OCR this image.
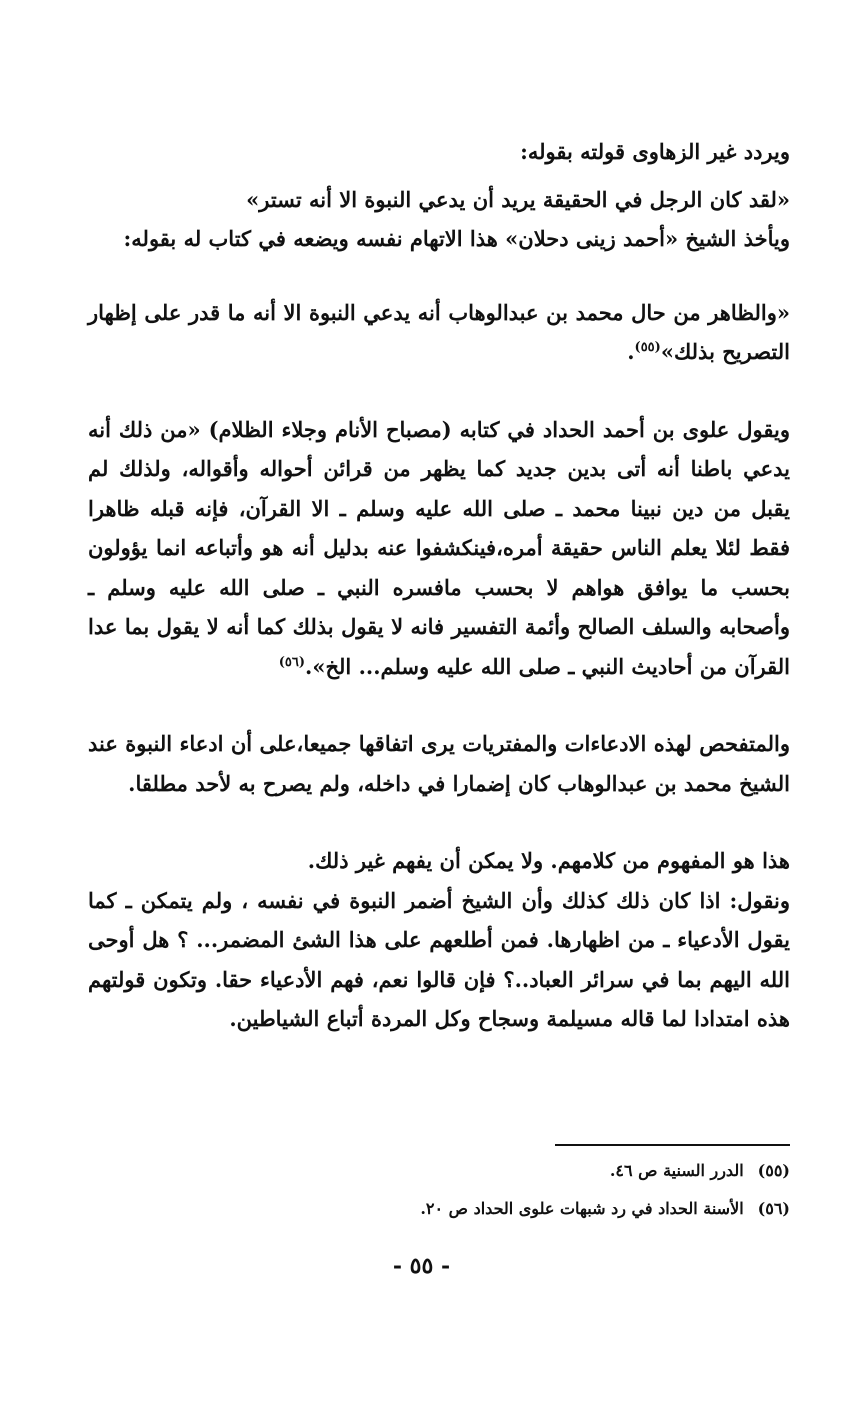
ويردد غير الزهاوى قولته بقوله:

«لقد كان الرجل في الحقيقة يريد أن يدعي النبوة الا أنه تستر»

ويأخذ الشيخ «أحمد زينى دحلان» هذا الاتهام نفسه ويضعه في كتاب له بقوله:

«والظاهر من حال محمد بن عبدالوهاب أنه يدعي النبوة الا أنه ما قدر على إظهار التصريح بذلك»$^{(٥٥)}$.

ويقول علوى بن أحمد الحداد في كتابه (مصباح الأنام وجلاء الظلام) «من ذلك أنه يدعي باطنا أنه أتى بدين جديد كما يظهر من قرائن أحواله وأقواله، ولذلك لم يقبل من دين نبينا محمد ـ صلى الله عليه وسلم ـ الا القرآن، فإنه قبله ظاهرا فقط لئلا يعلم الناس حقيقة أمره،فينكشفوا عنه بدليل أنه هو وأتباعه انما يؤولون بحسب ما يوافق هواهم لا بحسب مافسره النبي ـ صلى الله عليه وسلم ـ وأصحابه والسلف الصالح وأئمة التفسير فانه لا يقول بذلك كما أنه لا يقول بما عدا القرآن من أحاديث النبي ـ صلى الله عليه وسلم... الخ».$^{(٥٦)}$

والمتفحص لهذه الادعاءات والمفتريات يرى اتفاقها جميعا،على أن ادعاء النبوة عند الشيخ محمد بن عبدالوهاب كان إضمارا في داخله، ولم يصرح به لأحد مطلقا.

هذا هو المفهوم من كلامهم. ولا يمكن أن يفهم غير ذلك.

ونقول: اذا كان ذلك كذلك وأن الشيخ أضمر النبوة في نفسه ، ولم يتمكن ـ كما يقول الأدعياء ـ من اظهارها. فمن أطلعهم على هذا الشئ المضمر... ؟ هل أوحى الله اليهم بما في سرائر العباد..؟ فإن قالوا نعم، فهم الأدعياء حقا. وتكون قولتهم هذه امتدادا لما قاله مسيلمة وسجاح وكل المردة أتباع الشياطين.

(٥٥)الدرر السنية ص ٤٦.
(٥٦)الأسنة الحداد في رد شبهات علوى الحداد ص ٢٠.
- ٥٥ -
